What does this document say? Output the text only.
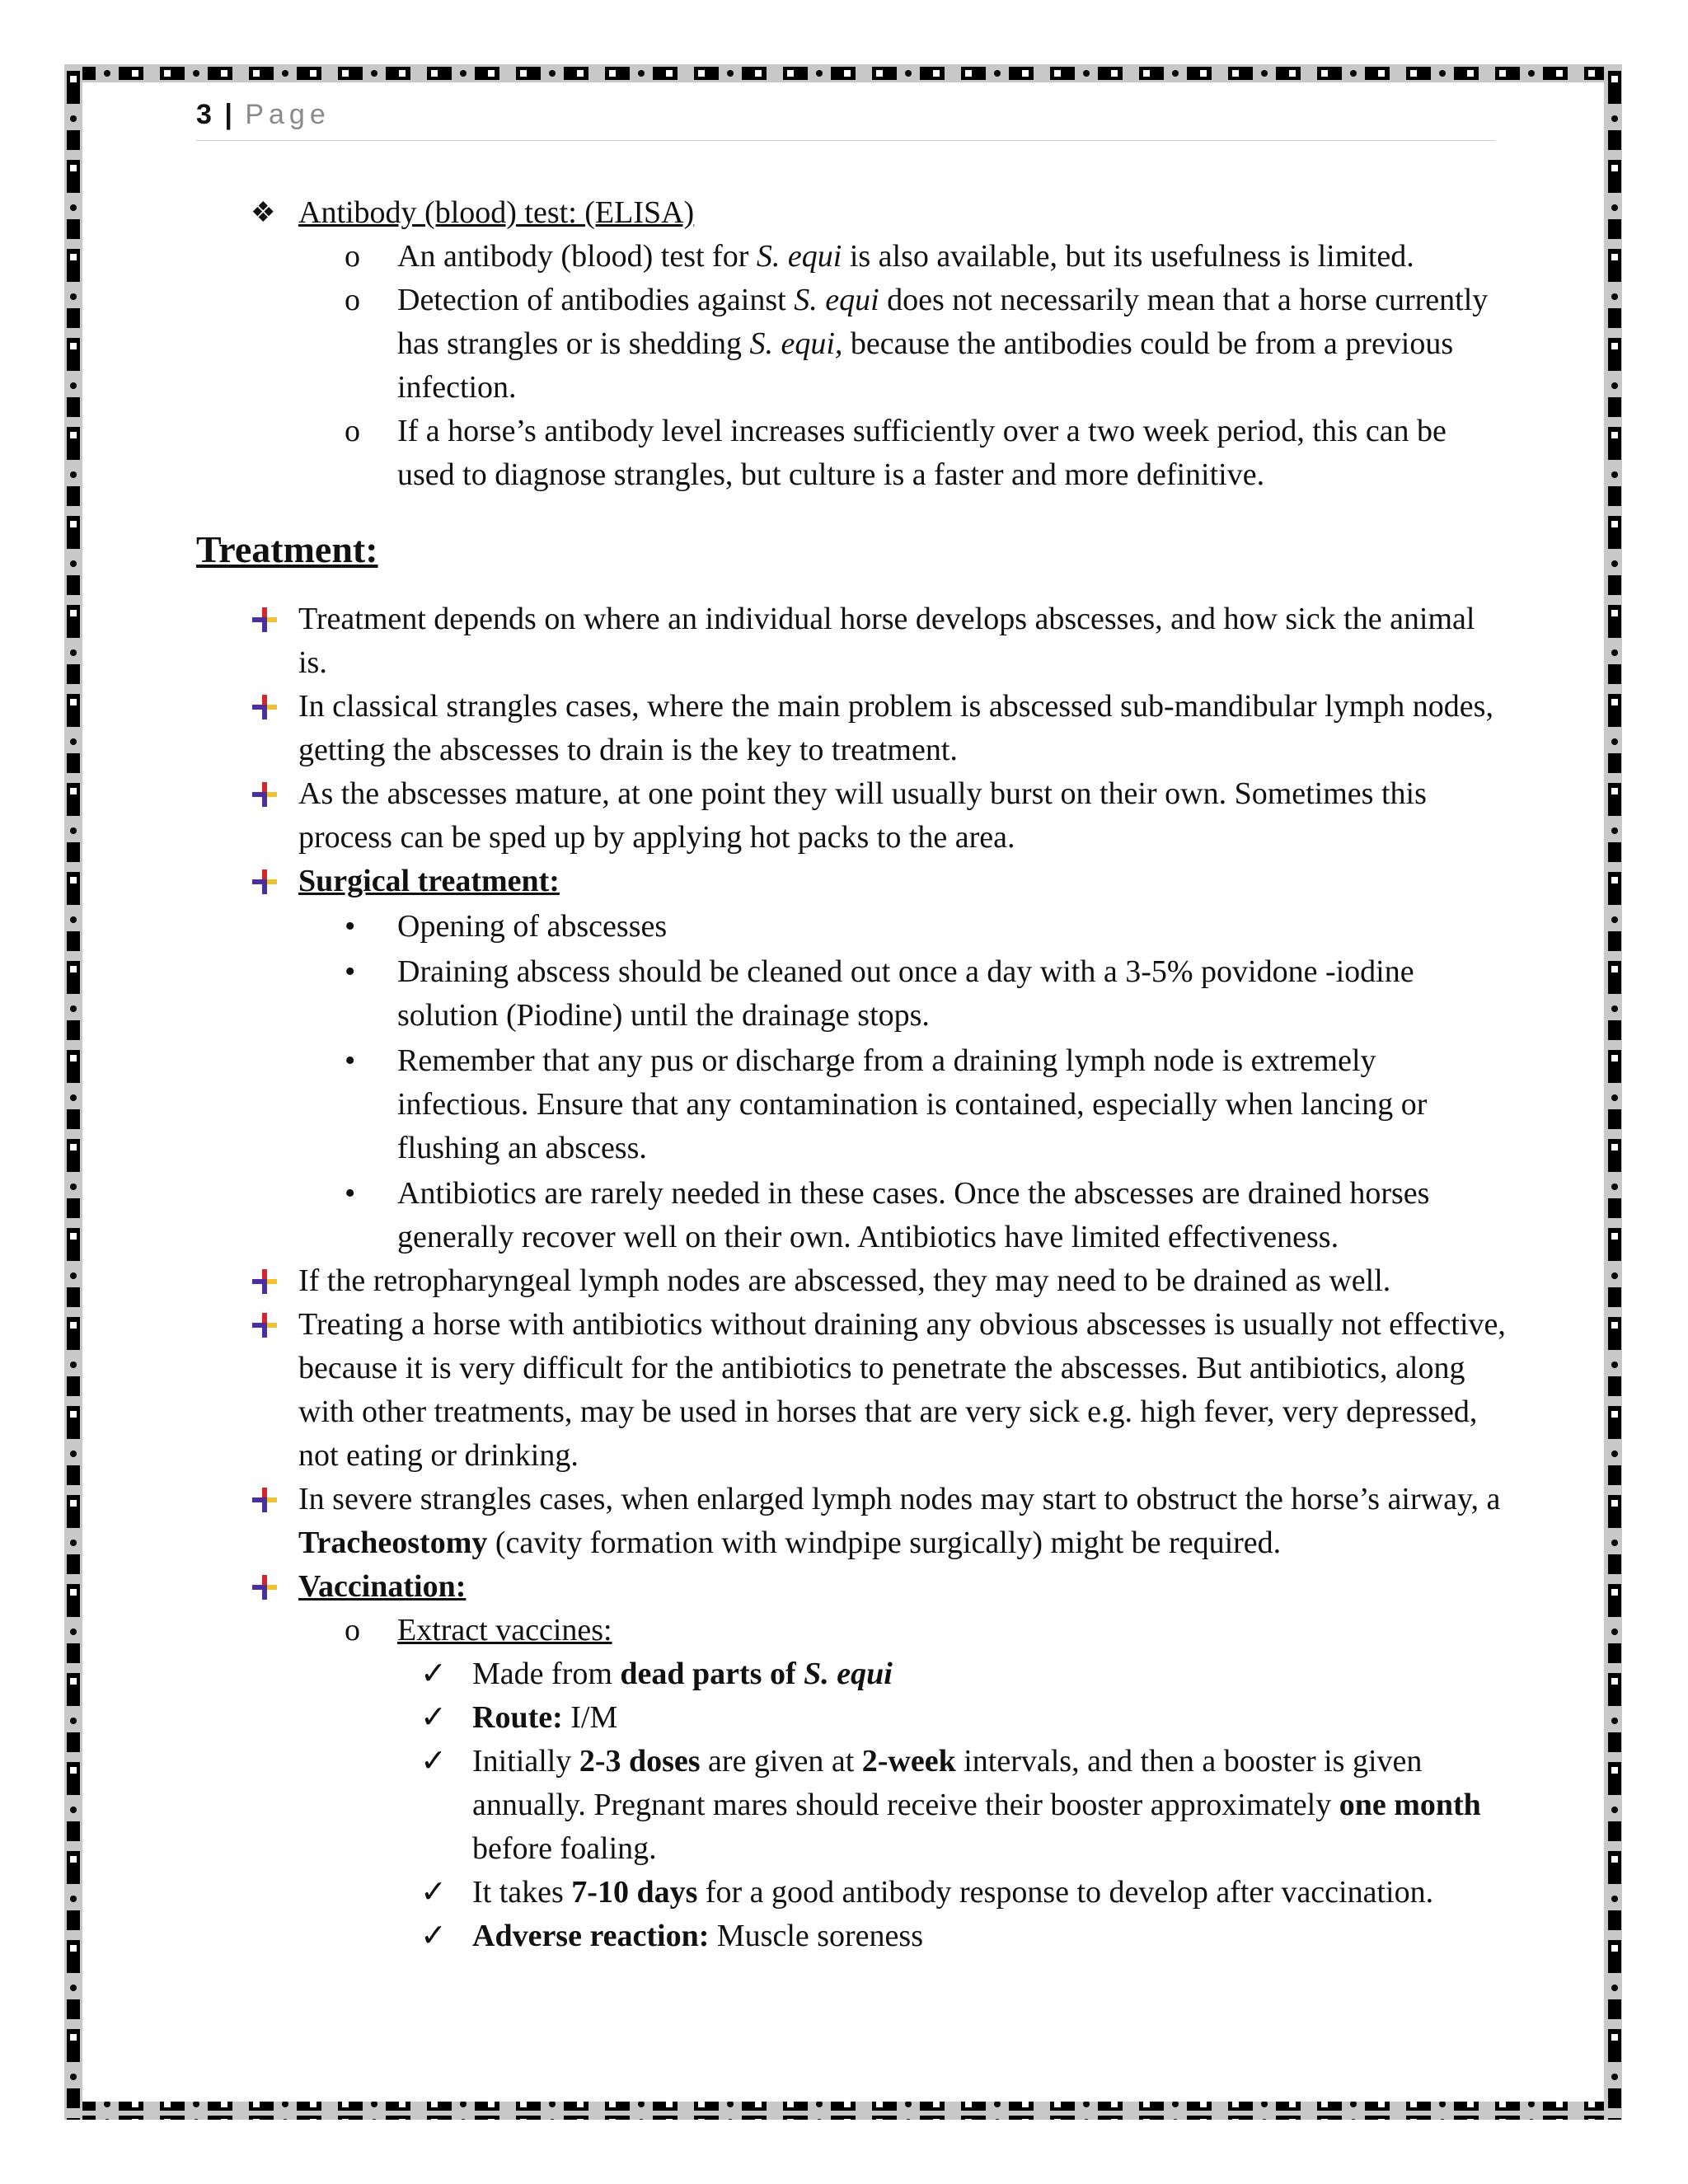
3 | Page
❖ Antibody (blood) test: (ELISA)
o An antibody (blood) test for S. equi is also available, but its usefulness is limited.
o Detection of antibodies against S. equi does not necessarily mean that a horse currently has strangles or is shedding S. equi, because the antibodies could be from a previous infection.
o If a horse’s antibody level increases sufficiently over a two week period, this can be used to diagnose strangles, but culture is a faster and more definitive.
Treatment:
Treatment depends on where an individual horse develops abscesses, and how sick the animal is.
In classical strangles cases, where the main problem is abscessed sub-mandibular lymph nodes, getting the abscesses to drain is the key to treatment.
As the abscesses mature, at one point they will usually burst on their own. Sometimes this process can be sped up by applying hot packs to the area.
Surgical treatment:
• Opening of abscesses
• Draining abscess should be cleaned out once a day with a 3-5% povidone -iodine solution (Piodine) until the drainage stops.
• Remember that any pus or discharge from a draining lymph node is extremely infectious. Ensure that any contamination is contained, especially when lancing or flushing an abscess.
• Antibiotics are rarely needed in these cases. Once the abscesses are drained horses generally recover well on their own. Antibiotics have limited effectiveness.
If the retropharyngeal lymph nodes are abscessed, they may need to be drained as well.
Treating a horse with antibiotics without draining any obvious abscesses is usually not effective, because it is very difficult for the antibiotics to penetrate the abscesses. But antibiotics, along with other treatments, may be used in horses that are very sick e.g. high fever, very depressed, not eating or drinking.
In severe strangles cases, when enlarged lymph nodes may start to obstruct the horse’s airway, a Tracheostomy (cavity formation with windpipe surgically) might be required.
Vaccination:
o Extract vaccines:
✓ Made from dead parts of S. equi
✓ Route: I/M
✓ Initially 2-3 doses are given at 2-week intervals, and then a booster is given annually. Pregnant mares should receive their booster approximately one month before foaling.
✓ It takes 7-10 days for a good antibody response to develop after vaccination.
✓ Adverse reaction: Muscle soreness
